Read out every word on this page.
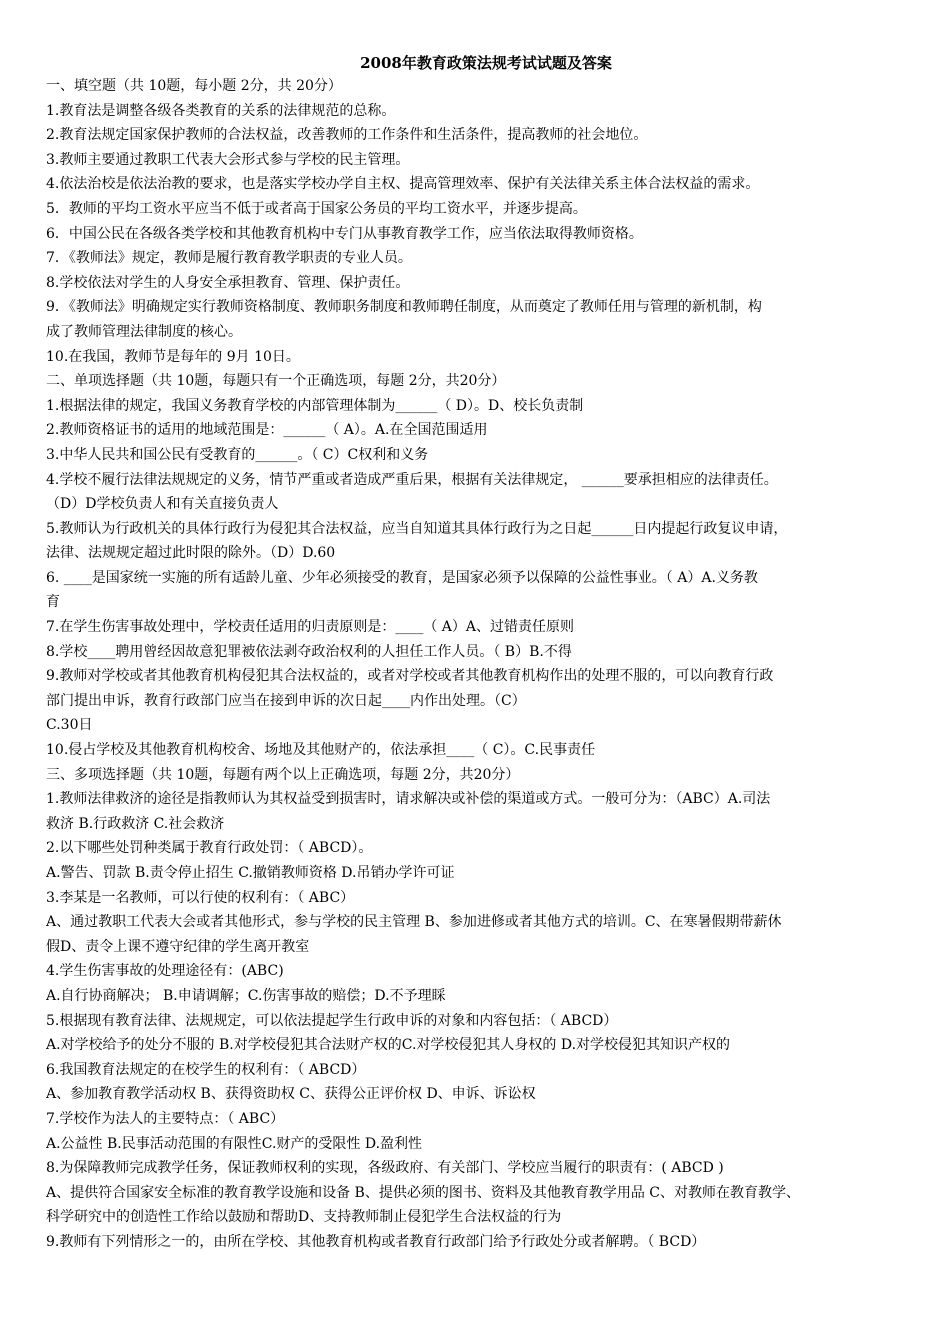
2008年教育政策法规考试试题及答案
一、填空题（共 10题，每小题 2分，共 20分）
1.教育法是调整各级各类教育的关系的法律规范的总称。
2.教育法规定国家保护教师的合法权益，改善教师的工作条件和生活条件，提高教师的社会地位。
3.教师主要通过教职工代表大会形式参与学校的民主管理。
4.依法治校是依法治教的要求，也是落实学校办学自主权、提高管理效率、保护有关法律关系主体合法权益的需求。
5．教师的平均工资水平应当不低于或者高于国家公务员的平均工资水平，并逐步提高。
6．中国公民在各级各类学校和其他教育机构中专门从事教育教学工作，应当依法取得教师资格。
7．《教师法》规定，教师是履行教育教学职责的专业人员。
8.学校依法对学生的人身安全承担教育、管理、保护责任。
9．《教师法》明确规定实行教师资格制度、教师职务制度和教师聘任制度，从而奠定了教师任用与管理的新机制，构
成了教师管理法律制度的核心。
10.在我国，教师节是每年的 9月 10日。
二、单项选择题（共 10题，每题只有一个正确选项，每题 2分，共20分）
1.根据法律的规定，我国义务教育学校的内部管理体制为______（ D）。D、校长负责制
2.教师资格证书的适用的地域范围是：______（ A）。A.在全国范围适用
3.中华人民共和国公民有受教育的______。（ C）C权利和义务
4.学校不履行法律法规规定的义务，情节严重或者造成严重后果，根据有关法律规定， ______要承担相应的法律责任。
（D）D学校负责人和有关直接负责人
5.教师认为行政机关的具体行政行为侵犯其合法权益，应当自知道其具体行政行为之日起______日内提起行政复议申请，
法律、法规规定超过此时限的除外。（D）D.60
6. ____是国家统一实施的所有适龄儿童、少年必须接受的教育，是国家必须予以保障的公益性事业。（ A）A.义务教
育
7.在学生伤害事故处理中，学校责任适用的归责原则是：____（ A）A、过错责任原则
8.学校____聘用曾经因故意犯罪被依法剥夺政治权利的人担任工作人员。（ B）B.不得
9.教师对学校或者其他教育机构侵犯其合法权益的，或者对学校或者其他教育机构作出的处理不服的，可以向教育行政
部门提出申诉，教育行政部门应当在接到申诉的次日起____内作出处理。（C）
C.30日
10.侵占学校及其他教育机构校舍、场地及其他财产的，依法承担____（ C）。C.民事责任
三、多项选择题（共 10题，每题有两个以上正确选项，每题 2分，共20分）
1.教师法律救济的途径是指教师认为其权益受到损害时，请求解决或补偿的渠道或方式。一般可分为：（ABC）A.司法
救济 B.行政救济 C.社会救济
2.以下哪些处罚种类属于教育行政处罚：（ ABCD）。
A.警告、罚款 B.责令停止招生 C.撤销教师资格 D.吊销办学许可证
3.李某是一名教师，可以行使的权利有：（ ABC）
A、通过教职工代表大会或者其他形式，参与学校的民主管理 B、参加进修或者其他方式的培训。C、在寒暑假期带薪休
假D、责令上课不遵守纪律的学生离开教室
4.学生伤害事故的处理途径有：(ABC)
A.自行协商解决； B.申请调解；C.伤害事故的赔偿；D.不予理睬
5.根据现有教育法律、法规规定，可以依法提起学生行政申诉的对象和内容包括：（ ABCD）
A.对学校给予的处分不服的 B.对学校侵犯其合法财产权的C.对学校侵犯其人身权的 D.对学校侵犯其知识产权的
6.我国教育法规定的在校学生的权利有：（ ABCD）
A、参加教育教学活动权 B、获得资助权 C、获得公正评价权 D、申诉、诉讼权
7.学校作为法人的主要特点：（ ABC）
A.公益性 B.民事活动范围的有限性C.财产的受限性 D.盈利性
8.为保障教师完成教学任务，保证教师权利的实现，各级政府、有关部门、学校应当履行的职责有：( ABCD )
A、提供符合国家安全标准的教育教学设施和设备 B、提供必须的图书、资料及其他教育教学用品 C、对教师在教育教学、
科学研究中的创造性工作给以鼓励和帮助D、支持教师制止侵犯学生合法权益的行为
9.教师有下列情形之一的，由所在学校、其他教育机构或者教育行政部门给予行政处分或者解聘。（ BCD）
